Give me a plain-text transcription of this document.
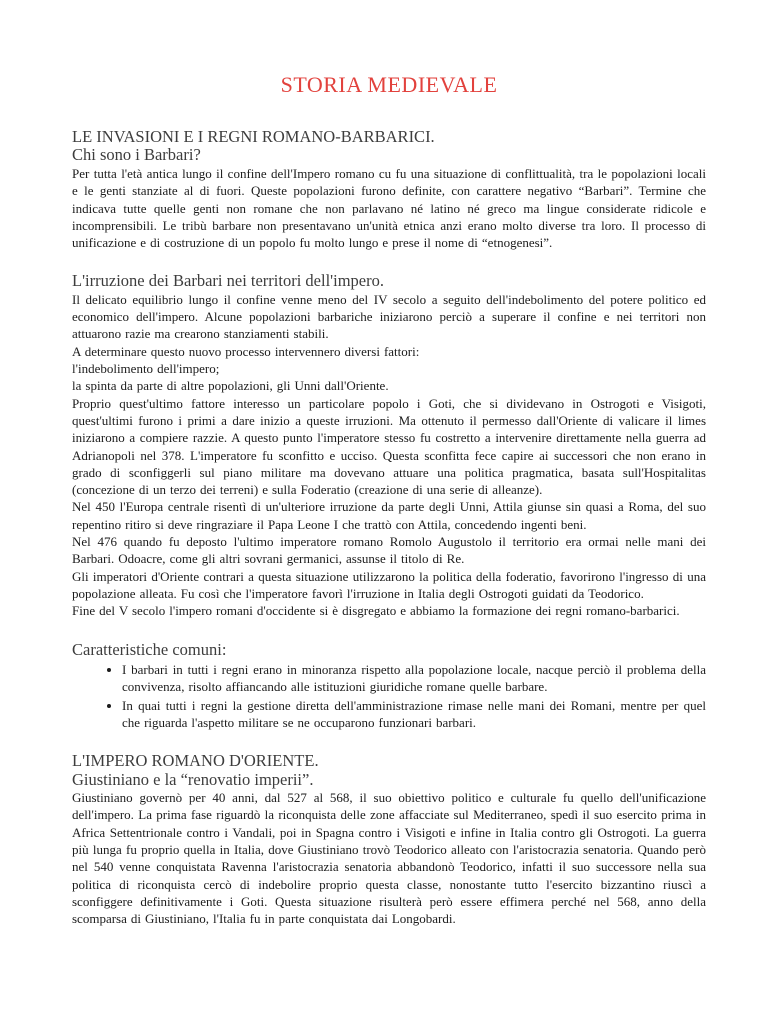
STORIA MEDIEVALE
LE INVASIONI E I REGNI ROMANO-BARBARICI.
Chi sono i Barbari?

Per tutta l'età antica lungo il confine dell'Impero romano cu fu una situazione di conflittualità, tra le popolazioni locali e le genti stanziate al di fuori. Queste popolazioni furono definite, con carattere negativo “Barbari”. Termine che indicava tutte quelle genti non romane che non parlavano né latino né greco ma lingue considerate ridicole e incomprensibili. Le tribù barbare non presentavano un'unità etnica anzi erano molto diverse tra loro. Il processo di unificazione e di costruzione di un popolo fu molto lungo e prese il nome di “etnogenesi”.

L'irruzione dei Barbari nei territori dell'impero.

Il delicato equilibrio lungo il confine venne meno del IV secolo a seguito dell'indebolimento del potere politico ed economico dell'impero. Alcune popolazioni barbariche iniziarono perciò a superare il confine e nei territori non attuarono razie ma crearono stanziamenti stabili.

A determinare questo nuovo processo intervennero diversi fattori:

l'indebolimento dell'impero;

la spinta da parte di altre popolazioni, gli Unni dall'Oriente.

Proprio quest'ultimo fattore interesso un particolare popolo i Goti, che si dividevano in Ostrogoti e Visigoti, quest'ultimi furono i primi a dare inizio a queste irruzioni. Ma ottenuto il permesso dall'Oriente di valicare il limes iniziarono a compiere razzie. A questo punto l'imperatore stesso fu costretto a intervenire direttamente nella guerra ad Adrianopoli nel 378. L'imperatore fu sconfitto e ucciso. Questa sconfitta fece capire ai successori che non erano in grado di sconfiggerli sul piano militare ma dovevano attuare una politica pragmatica, basata sull'Hospitalitas (concezione di un terzo dei terreni) e sulla Foderatio (creazione di una serie di alleanze).

Nel 450 l'Europa centrale risentì di un'ulteriore irruzione da parte degli Unni, Attila giunse sin quasi a Roma, del suo repentino ritiro si deve ringraziare il Papa Leone I che trattò con Attila, concedendo ingenti beni.

Nel 476 quando fu deposto l'ultimo imperatore romano Romolo Augustolo il territorio era ormai nelle mani dei Barbari. Odoacre, come gli altri sovrani germanici, assunse il titolo di Re.

Gli imperatori d'Oriente contrari a questa situazione utilizzarono la politica della foderatio, favorirono l'ingresso di una popolazione alleata. Fu così che l'imperatore favorì l'irruzione in Italia degli Ostrogoti guidati da Teodorico.

Fine del V secolo l'impero romani d'occidente si è disgregato e abbiamo la formazione dei regni romano-barbarici.

Caratteristiche comuni:
• I barbari in tutti i regni erano in minoranza rispetto alla popolazione locale, nacque perciò il problema della convivenza, risolto affiancando alle istituzioni giuridiche romane quelle barbare.
• In quai tutti i regni la gestione diretta dell'amministrazione rimase nelle mani dei Romani, mentre per quel che riguarda l'aspetto militare se ne occuparono funzionari barbari.
L'IMPERO ROMANO D'ORIENTE.
Giustiniano e la “renovatio imperii”.

Giustiniano governò per 40 anni, dal 527 al 568, il suo obiettivo politico e culturale fu quello dell'unificazione dell'impero. La prima fase riguardò la riconquista delle zone affacciate sul Mediterraneo, spedì il suo esercito prima in Africa Settentrionale contro i Vandali, poi in Spagna contro i Visigoti e infine in Italia contro gli Ostrogoti. La guerra più lunga fu proprio quella in Italia, dove Giustiniano trovò Teodorico alleato con l'aristocrazia senatoria. Quando però nel 540 venne conquistata Ravenna l'aristocrazia senatoria abbandonò Teodorico, infatti il suo successore nella sua politica di riconquista cercò di indebolire proprio questa classe, nonostante tutto l'esercito bizzantino riuscì a sconfiggere definitivamente i Goti. Questa situazione risulterà però essere effimera perché nel 568, anno della scomparsa di Giustiniano, l'Italia fu in parte conquistata dai Longobardi.
